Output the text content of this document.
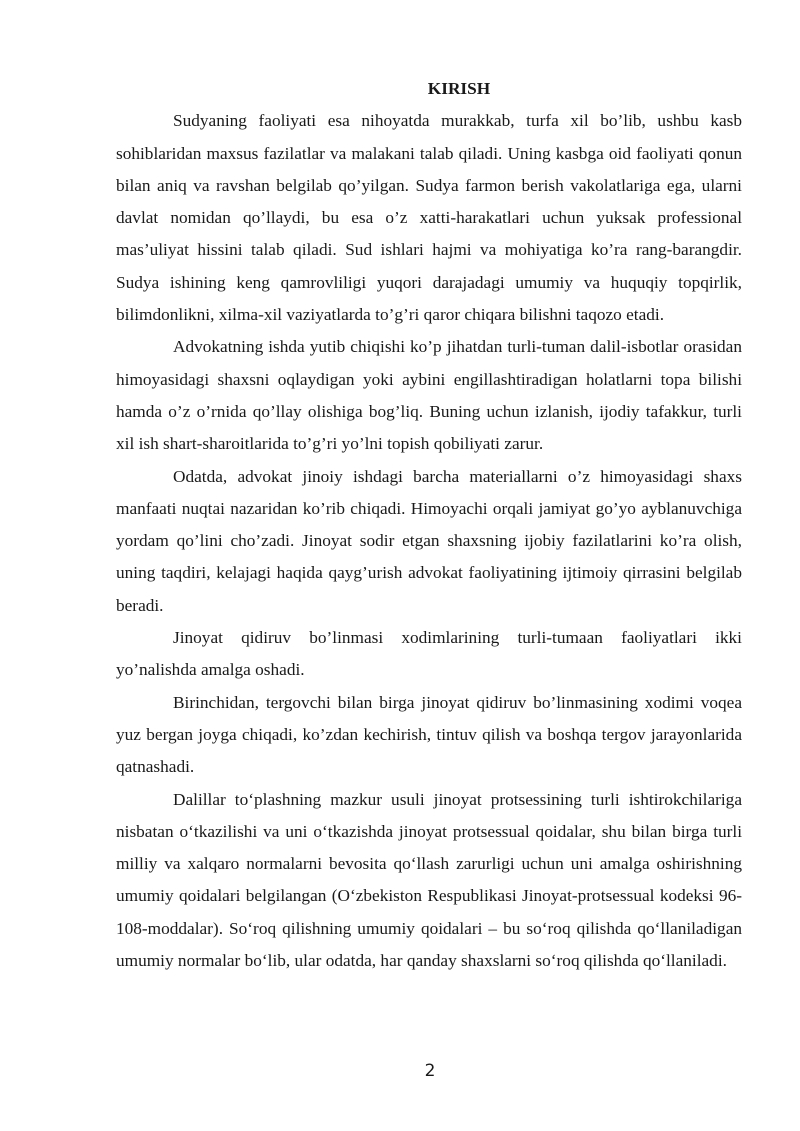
KIRISH

Sudyaning faoliyati esa nihoyatda murakkab, turfa xil bo’lib, ushbu kasb sohiblaridan maxsus fazilatlar va malakani talab qiladi. Uning kasbga oid faoliyati qonun bilan aniq va ravshan belgilab qo’yilgan. Sudya farmon berish vakolatlariga ega, ularni davlat nomidan qo’llaydi, bu esa o’z xatti-harakatlari uchun yuksak professional mas’uliyat hissini talab qiladi. Sud ishlari hajmi va mohiyatiga ko’ra rang-barangdir. Sudya ishining keng qamrovliligi yuqori darajadagi umumiy va huquqiy topqirlik, bilimdonlikni, xilma-xil vaziyatlarda to’g’ri qaror chiqara bilishni taqozo etadi.

Advokatning ishda yutib chiqishi ko’p jihatdan turli-tuman dalil-isbotlar orasidan himoyasidagi shaxsni oqlaydigan yoki aybini engillashtiradigan holatlarni topa bilishi hamda o’z o’rnida qo’llay olishiga bog’liq. Buning uchun izlanish, ijodiy tafakkur, turli xil ish shart-sharoitlarida to’g’ri yo’lni topish qobiliyati zarur.

Odatda, advokat jinoiy ishdagi barcha materiallarni o’z himoyasidagi shaxs manfaati nuqtai nazaridan ko’rib chiqadi. Himoyachi orqali jamiyat go’yo ayblanuvchiga yordam qo’lini cho’zadi. Jinoyat sodir etgan shaxsning ijobiy fazilatlarini ko’ra olish, uning taqdiri, kelajagi haqida qayg’urish advokat faoliyatining ijtimoiy qirrasini belgilab beradi.

Jinoyat qidiruv bo’linmasi xodimlarining turli-tumaan faoliyatlari ikki yo’nalishda amalga oshadi.

Birinchidan, tergovchi bilan birga jinoyat qidiruv bo’linmasining xodimi voqea yuz bergan joyga chiqadi, ko’zdan kechirish, tintuv qilish va boshqa tergov jarayonlarida qatnashadi.

Dalillar to‘plashning mazkur usuli jinoyat protsessining turli ishtirokchilariga nisbatan o‘tkazilishi va uni o‘tkazishda jinoyat protsessual qoidalar, shu bilan birga turli milliy va xalqaro normalarni bevosita qo‘llash zarurligi uchun uni amalga oshirishning umumiy qoidalari belgilangan (O‘zbekiston Respublikasi Jinoyat-protsessual kodeksi 96-108-moddalar). So‘roq qilishning umumiy qoidalari – bu so‘roq qilishda qo‘llaniladigan umumiy normalar bo‘lib, ular odatda, har qanday shaxslarni so‘roq qilishda qo‘llaniladi.

2
